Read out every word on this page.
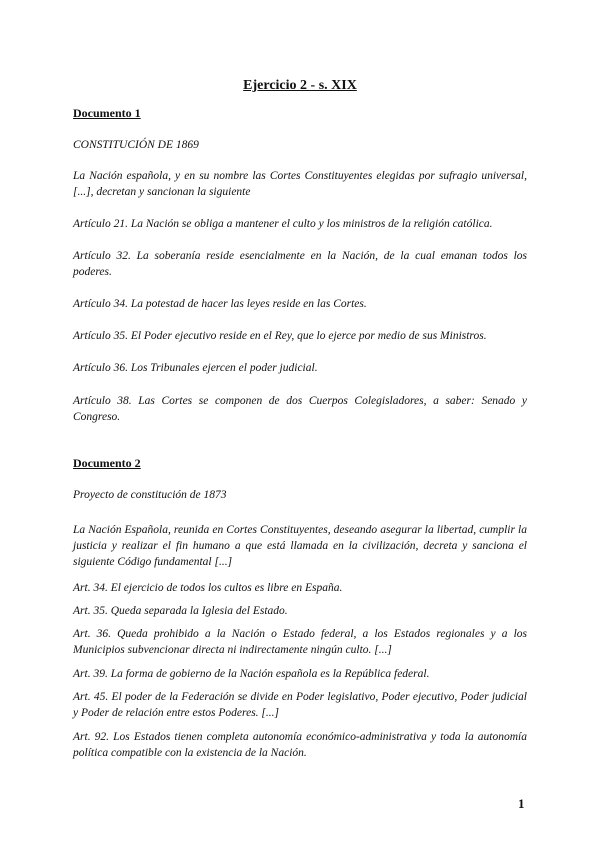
Ejercicio 2 - s. XIX
Documento 1
CONSTITUCIÓN DE 1869
La Nación española, y en su nombre las Cortes Constituyentes elegidas por sufragio universal, [...], decretan y sancionan la siguiente
Artículo 21. La Nación se obliga a mantener el culto y los ministros de la religión católica.
Artículo 32. La soberanía reside esencialmente en la Nación, de la cual emanan todos los poderes.
Artículo 34. La potestad de hacer las leyes reside en las Cortes.
Artículo 35. El Poder ejecutivo reside en el Rey, que lo ejerce por medio de sus Ministros.
Artículo 36. Los Tribunales ejercen el poder judicial.
Artículo 38. Las Cortes se componen de dos Cuerpos Colegisladores, a saber: Senado y Congreso.
Documento 2
Proyecto de constitución de 1873
La Nación Española, reunida en Cortes Constituyentes, deseando asegurar la libertad, cumplir la justicia y realizar el fin humano a que está llamada en la civilización, decreta y sanciona el siguiente Código fundamental [...]
Art. 34. El ejercicio de todos los cultos es libre en España.
Art. 35. Queda separada la Iglesia del Estado.
Art. 36. Queda prohibido a la Nación o Estado federal, a los Estados regionales y a los Municipios subvencionar directa ni indirectamente ningún culto. [...]
Art. 39. La forma de gobierno de la Nación española es la República federal.
Art. 45. El poder de la Federación se divide en Poder legislativo, Poder ejecutivo, Poder judicial y Poder de relación entre estos Poderes. [...]
Art. 92. Los Estados tienen completa autonomía económico-administrativa y toda la autonomía política compatible con la existencia de la Nación.
1
